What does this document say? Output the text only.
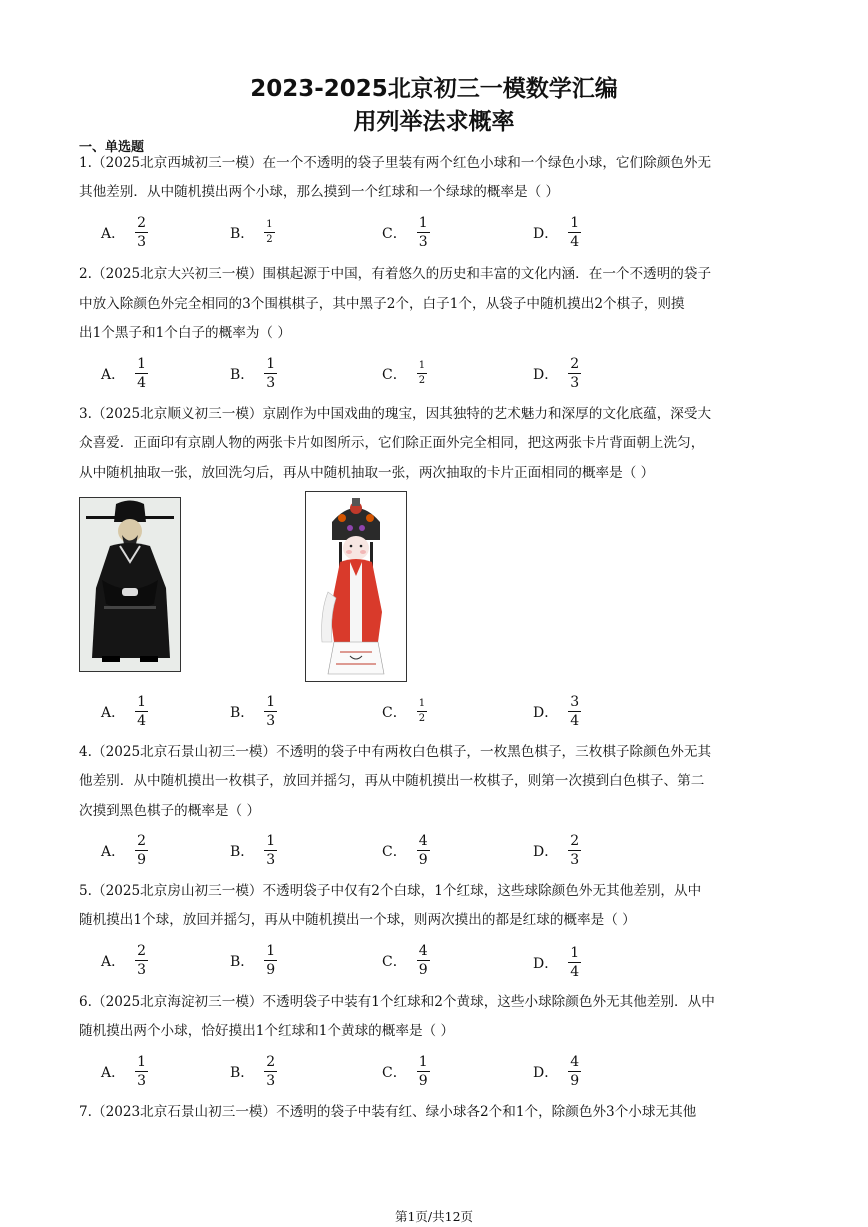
2023-2025北京初三一模数学汇编
用列举法求概率
一、单选题
1.（2025北京西城初三一模）在一个不透明的袋子里装有两个红色小球和一个绿色小球，它们除颜色外无
其他差别．从中随机摸出两个小球，那么摸到一个红球和一个绿球的概率是（ ）
A． $\frac{2}{3}$	B． $\frac{1}{2}$	C． $\frac{1}{3}$	D． $\frac{1}{4}$
2.（2025北京大兴初三一模）围棋起源于中国，有着悠久的历史和丰富的文化内涵．在一个不透明的袋子
中放入除颜色外完全相同的3个围棋棋子，其中黑子2个，白子1个，从袋子中随机摸出2个棋子，则摸
出1个黑子和1个白子的概率为（ ）
A． $\frac{1}{4}$	B． $\frac{1}{3}$	C． $\frac{1}{2}$	D． $\frac{2}{3}$
3.（2025北京顺义初三一模）京剧作为中国戏曲的瑰宝，因其独特的艺术魅力和深厚的文化底蕴，深受大
众喜爱．正面印有京剧人物的两张卡片如图所示，它们除正面外完全相同，把这两张卡片背面朝上洗匀，
从中随机抽取一张，放回洗匀后，再从中随机抽取一张，两次抽取的卡片正面相同的概率是（ ）
A． $\frac{1}{4}$	B． $\frac{1}{3}$	C． $\frac{1}{2}$	D． $\frac{3}{4}$
4.（2025北京石景山初三一模）不透明的袋子中有两枚白色棋子，一枚黑色棋子，三枚棋子除颜色外无其
他差别．从中随机摸出一枚棋子，放回并摇匀，再从中随机摸出一枚棋子，则第一次摸到白色棋子、第二
次摸到黑色棋子的概率是（ ）
A． $\frac{2}{9}$	B． $\frac{1}{3}$	C． $\frac{4}{9}$	D． $\frac{2}{3}$
5.（2025北京房山初三一模）不透明袋子中仅有2个白球，1个红球，这些球除颜色外无其他差别，从中
随机摸出1个球，放回并摇匀，再从中随机摸出一个球，则两次摸出的都是红球的概率是（ ）
A． $\frac{2}{3}$	B． $\frac{1}{9}$	C． $\frac{4}{9}$	D． $\frac{1}{4}$
6.（2025北京海淀初三一模）不透明袋子中装有1个红球和2个黄球，这些小球除颜色外无其他差别．从中
随机摸出两个小球，恰好摸出1个红球和1个黄球的概率是（ ）
A． $\frac{1}{3}$	B． $\frac{2}{3}$	C． $\frac{1}{9}$	D． $\frac{4}{9}$
7.（2023北京石景山初三一模）不透明的袋子中装有红、绿小球各2个和1个，除颜色外3个小球无其他
第1页/共12页
